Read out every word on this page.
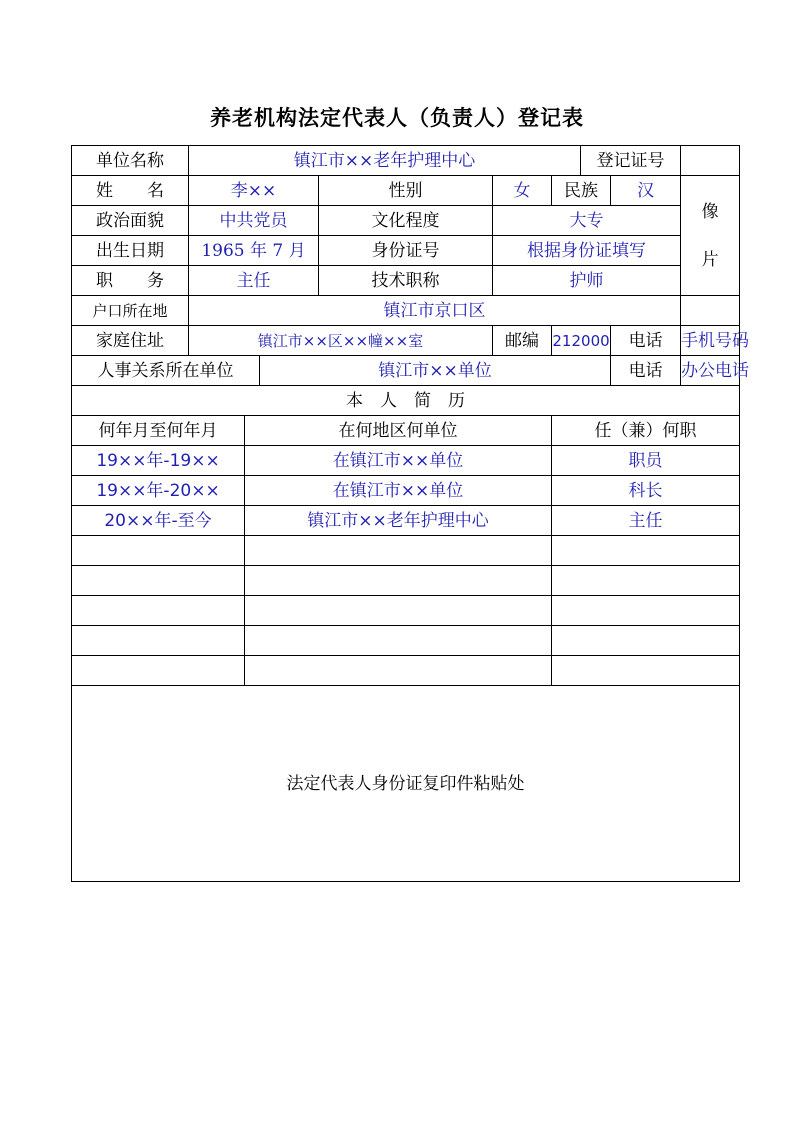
养老机构法定代表人（负责人）登记表
单位名称	镇江市××老年护理中心						登记证号		
姓　　名	李××			性别	女	民族		汉	像
片

政治面貌	中共党员			文化程度	大专				
出生日期	1965 年 7 月			身份证号	根据身份证填写				
职　　务	主任			技术职称	护师				
户口所在地	镇江市京口区								
家庭住址	镇江市××区××幢××室				邮编	212000		电话	手机号码
人事关系所在单位			镇江市××单位					电话	办公电话
本　人　简　历									
何年月至何年月		在何地区何单位				任（兼）何职			
19××年-19××		在镇江市××单位				职员			
19××年-20××		在镇江市××单位				科长			
20××年-至今		镇江市××老年护理中心				主任			

法定代表人身份证复印件粘贴处									
